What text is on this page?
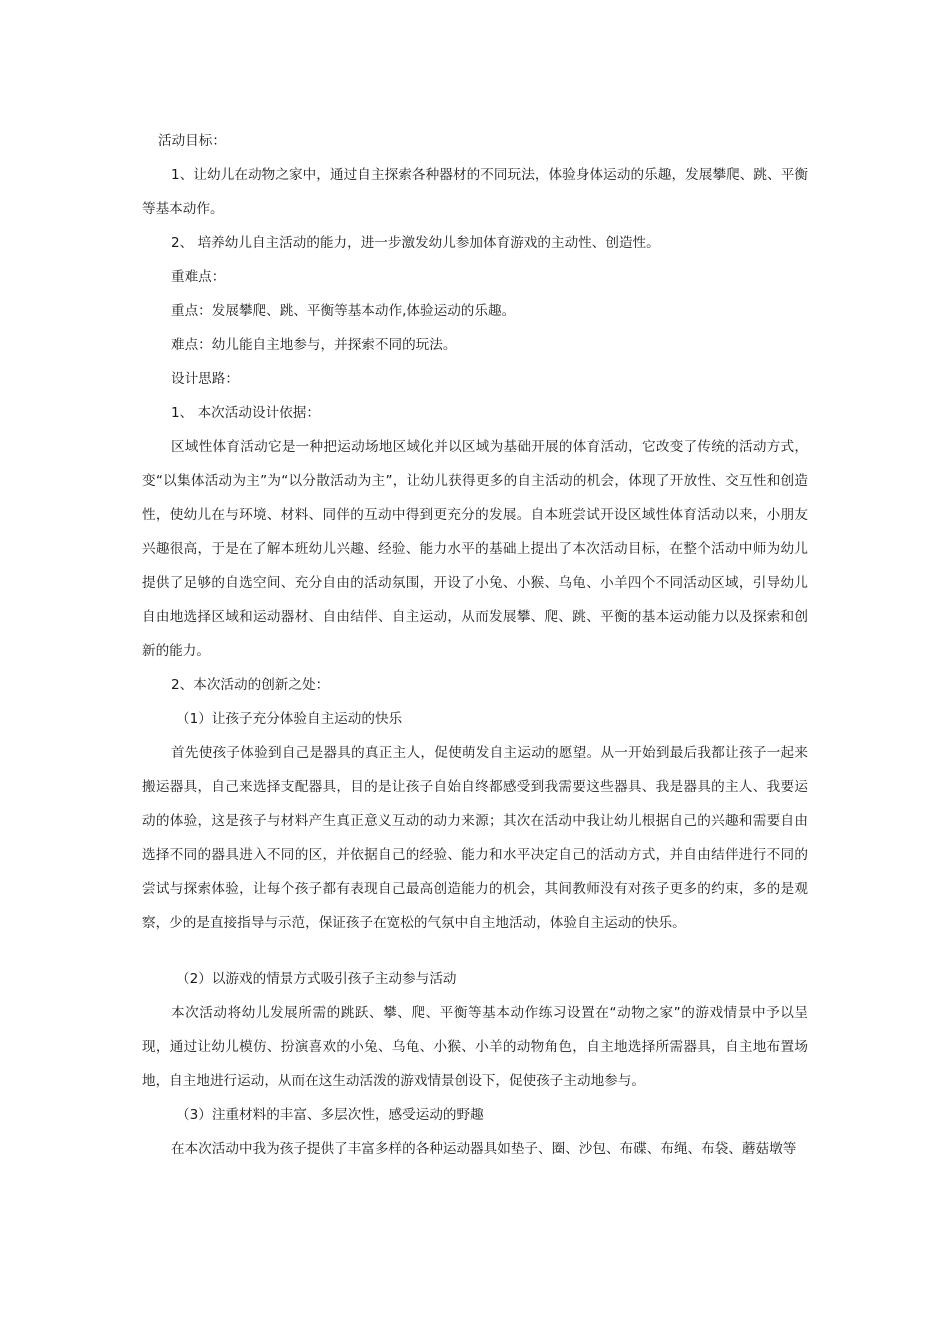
活动目标：

1、让幼儿在动物之家中，通过自主探索各种器材的不同玩法，体验身体运动的乐趣，发展攀爬、跳、平衡等基本动作。

2、 培养幼儿自主活动的能力，进一步激发幼儿参加体育游戏的主动性、创造性。

重难点：

重点：发展攀爬、跳、平衡等基本动作,体验运动的乐趣。

难点：幼儿能自主地参与，并探索不同的玩法。

设计思路：

1、 本次活动设计依据：

区域性体育活动它是一种把运动场地区域化并以区域为基础开展的体育活动，它改变了传统的活动方式，变“以集体活动为主”为“以分散活动为主”，让幼儿获得更多的自主活动的机会，体现了开放性、交互性和创造性，使幼儿在与环境、材料、同伴的互动中得到更充分的发展。自本班尝试开设区域性体育活动以来，小朋友兴趣很高，于是在了解本班幼儿兴趣、经验、能力水平的基础上提出了本次活动目标，在整个活动中师为幼儿提供了足够的自选空间、充分自由的活动氛围，开设了小兔、小猴、乌龟、小羊四个不同活动区域，引导幼儿自由地选择区域和运动器材、自由结伴、自主运动，从而发展攀、爬、跳、平衡的基本运动能力以及探索和创新的能力。

2、本次活动的创新之处：

（1）让孩子充分体验自主运动的快乐

首先使孩子体验到自己是器具的真正主人，促使萌发自主运动的愿望。从一开始到最后我都让孩子一起来搬运器具，自己来选择支配器具，目的是让孩子自始自终都感受到我需要这些器具、我是器具的主人、我要运动的体验，这是孩子与材料产生真正意义互动的动力来源；其次在活动中我让幼儿根据自己的兴趣和需要自由选择不同的器具进入不同的区，并依据自己的经验、能力和水平决定自己的活动方式，并自由结伴进行不同的尝试与探索体验，让每个孩子都有表现自己最高创造能力的机会，其间教师没有对孩子更多的约束，多的是观察，少的是直接指导与示范，保证孩子在宽松的气氛中自主地活动，体验自主运动的快乐。

（2）以游戏的情景方式吸引孩子主动参与活动

本次活动将幼儿发展所需的跳跃、攀、爬、平衡等基本动作练习设置在“动物之家”的游戏情景中予以呈现，通过让幼儿模仿、扮演喜欢的小兔、乌龟、小猴、小羊的动物角色，自主地选择所需器具，自主地布置场地，自主地进行运动，从而在这生动活泼的游戏情景创设下，促使孩子主动地参与。

（3）注重材料的丰富、多层次性，感受运动的野趣

在本次活动中我为孩子提供了丰富多样的各种运动器具如垫子、圈、沙包、布碟、布绳、布袋、蘑菇墩等
